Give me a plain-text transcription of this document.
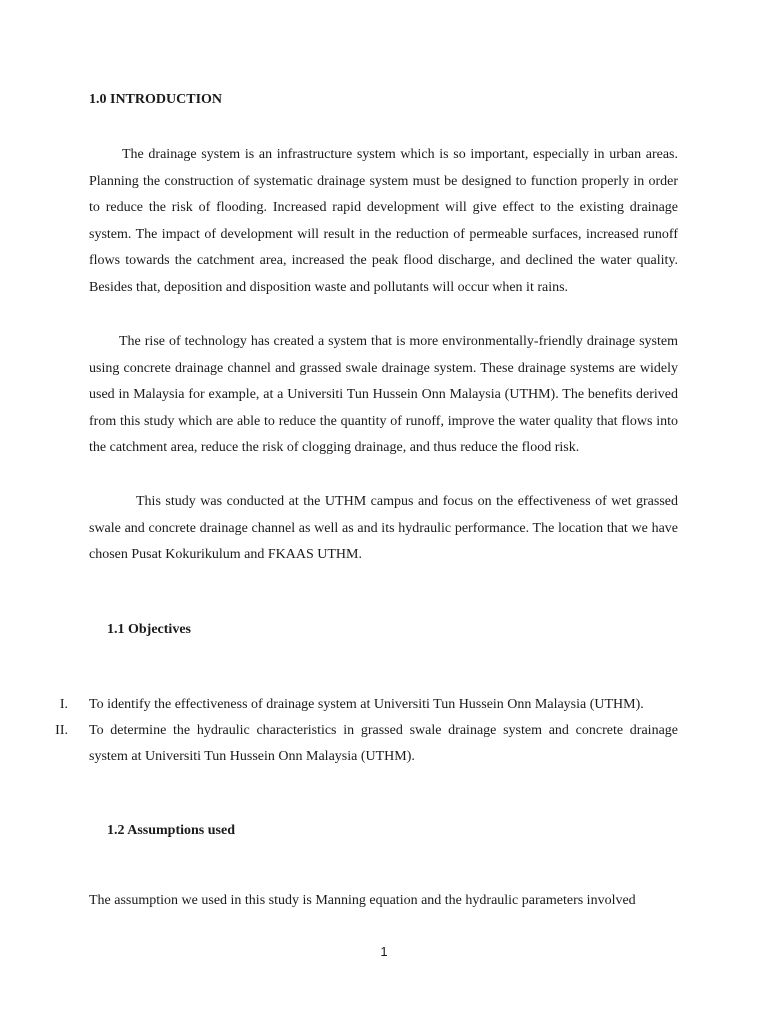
1.0 INTRODUCTION

The drainage system is an infrastructure system which is so important, especially in urban areas. Planning the construction of systematic drainage system must be designed to function properly in order to reduce the risk of flooding. Increased rapid development will give effect to the existing drainage system. The impact of development will result in the reduction of permeable surfaces, increased runoff flows towards the catchment area, increased the peak flood discharge, and declined the water quality. Besides that, deposition and disposition waste and pollutants will occur when it rains.

The rise of technology has created a system that is more environmentally-friendly drainage system using concrete drainage channel and grassed swale drainage system. These drainage systems are widely used in Malaysia for example, at a Universiti Tun Hussein Onn Malaysia (UTHM). The benefits derived from this study which are able to reduce the quantity of runoff, improve the water quality that flows into the catchment area, reduce the risk of clogging drainage, and thus reduce the flood risk.

This study was conducted at the UTHM campus and focus on the effectiveness of wet grassed swale and concrete drainage channel as well as and its hydraulic performance. The location that we have chosen Pusat Kokurikulum and FKAAS UTHM.

1.1 Objectives
I. To identify the effectiveness of drainage system at Universiti Tun Hussein Onn Malaysia (UTHM).
II. To determine the hydraulic characteristics in grassed swale drainage system and concrete drainage system at Universiti Tun Hussein Onn Malaysia (UTHM).
1.2 Assumptions used

The assumption we used in this study is Manning equation and the hydraulic parameters involved

1
